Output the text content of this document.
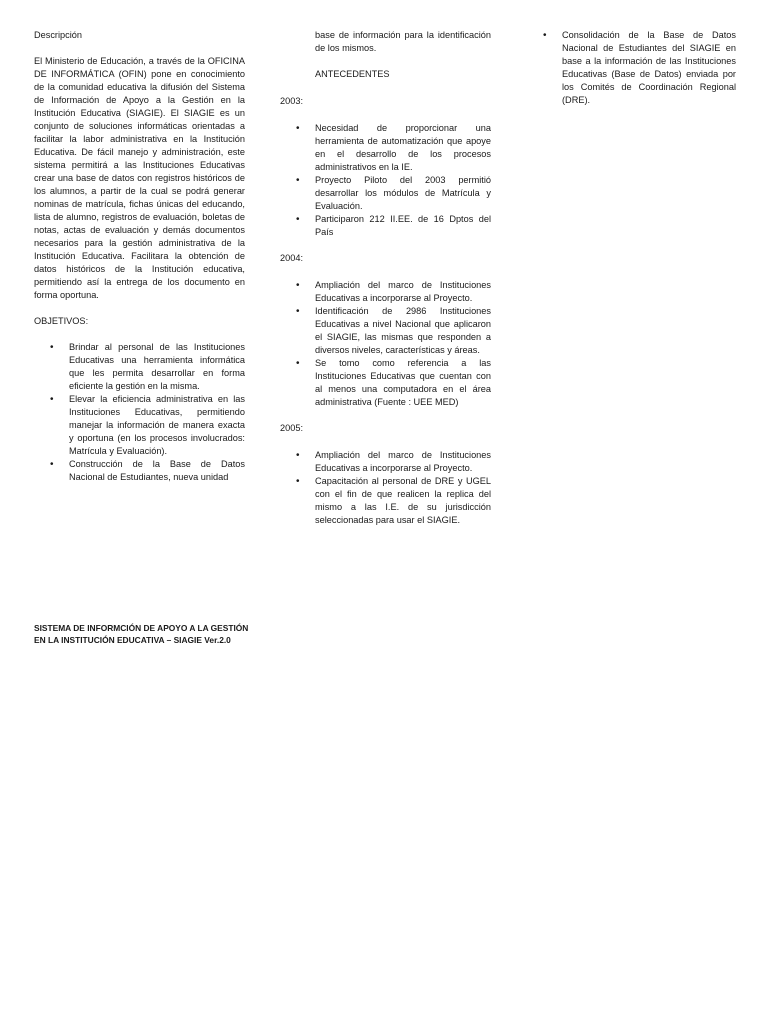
Descripción

El Ministerio de Educación, a través de la OFICINA DE INFORMÁTICA (OFIN) pone en conocimiento de la comunidad educativa la difusión del Sistema de Información de Apoyo a la Gestión en la Institución Educativa (SIAGIE). El SIAGIE es un conjunto de soluciones informáticas orientadas a facilitar la labor administrativa en la Institución Educativa. De fácil manejo y administración, este sistema permitirá a las Instituciones Educativas crear una base de datos con registros históricos de los alumnos, a partir de la cual se podrá generar nominas de matrícula, fichas únicas del educando, lista de alumno, registros de evaluación, boletas de notas, actas de evaluación y demás documentos necesarios para la gestión administrativa de la Institución Educativa. Facilitara la obtención de datos históricos de la Institución educativa, permitiendo así la entrega de los documento en forma oportuna.

OBJETIVOS:

• Brindar al personal de las Instituciones Educativas una herramienta informática que les permita desarrollar en forma eficiente la gestión en la misma.
• Elevar la eficiencia administrativa en las Instituciones Educativas, permitiendo manejar la información de manera exacta y oportuna (en los procesos involucrados: Matrícula y Evaluación).
• Construcción de la Base de Datos Nacional de Estudiantes, nueva unidad

base de información para la identificación de los mismos.

ANTECEDENTES

2003:

• Necesidad de proporcionar una herramienta de automatización que apoye en el desarrollo de los procesos administrativos en la IE.
• Proyecto Piloto del 2003 permitió desarrollar los módulos de Matrícula y Evaluación.
• Participaron 212 II.EE. de 16 Dptos del País

2004:

• Ampliación del marco de Instituciones Educativas a incorporarse al Proyecto.
• Identificación de 2986 Instituciones Educativas a nivel Nacional que aplicaron el SIAGIE, las mismas que responden a diversos niveles, características y áreas.
• Se tomo como referencia a las Instituciones Educativas que cuentan con al menos una computadora en el área administrativa (Fuente : UEE MED)

2005:

• Ampliación del marco de Instituciones Educativas a incorporarse al Proyecto.
• Capacitación al personal de DRE y UGEL con el fin de que realicen la replica del mismo a las I.E. de su jurisdicción seleccionadas para usar el SIAGIE.
• Consolidación de la Base de Datos Nacional de Estudiantes del SIAGIE en base a la información de las Instituciones Educativas (Base de Datos) enviada por los Comités de Coordinación Regional (DRE).
SISTEMA DE INFORMCIÓN DE APOYO A LA GESTIÓN EN LA INSTITUCIÓN EDUCATIVA – SIAGIE Ver.2.0
